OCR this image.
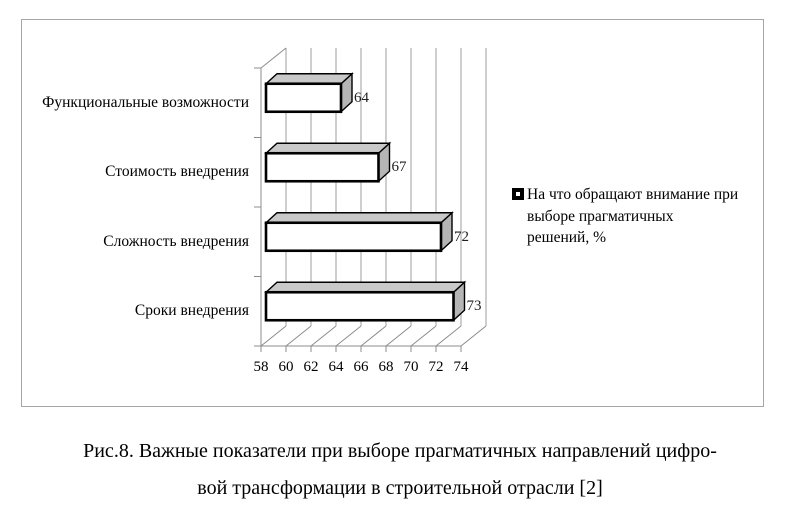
Функциональные возможности
Стоимость внедрения
Сложность внедрения
Сроки внедрения
58 60 62 64 66 68 70 72 74
64
67
72
73
На что обращают внимание при
выборе прагматичных
решений, %
Рис.8. Важные показатели при выборе прагматичных направлений цифро-
вой трансформации в строительной отрасли [2]
